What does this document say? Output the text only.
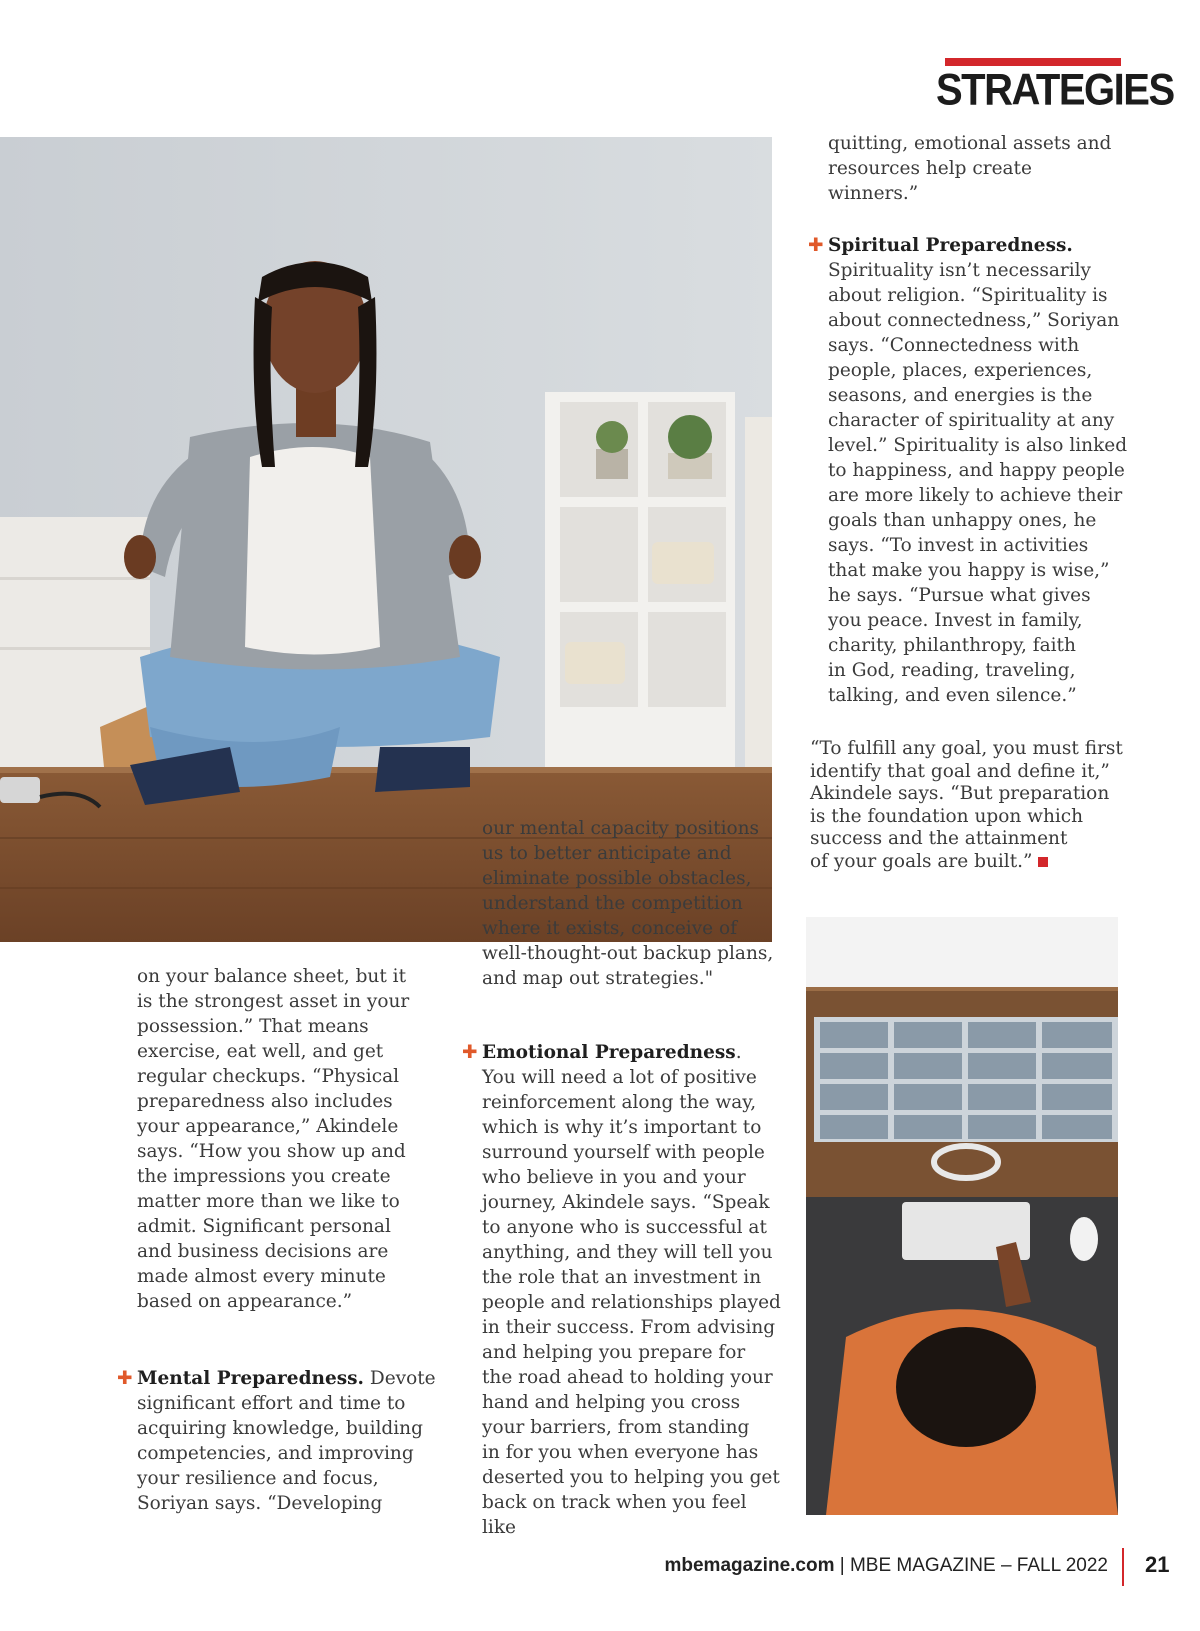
STRATEGIES

quitting, emotional assets and

resources help create winners.”

✚ Spiritual Preparedness.

Spirituality isn’t necessarily

about religion. “Spirituality is

about connectedness,” Soriyan

says. “Connectedness with

people, places, experiences,

seasons, and energies is the

character of spirituality at any

level.” Spirituality is also linked

to happiness, and happy people

are more likely to achieve their

goals than unhappy ones, he

says. “To invest in activities

that make you happy is wise,”

he says. “Pursue what gives

you peace. Invest in family,

charity, philanthropy, faith

in God, reading, traveling,

talking, and even silence.”

“To fulfill any goal, you must first

identify that goal and define it,”

Akindele says. “But preparation

is the foundation upon which

success and the attainment

of your goals are built.”

our mental capacity positions

us to better anticipate and

eliminate possible obstacles,

understand the competition

where it exists, conceive of

well-thought-out backup plans,

and map out strategies."

✚ Emotional Preparedness.

You will need a lot of positive

reinforcement along the way,

which is why it’s important to

surround yourself with people

who believe in you and your

journey, Akindele says. “Speak

to anyone who is successful at

anything, and they will tell you

the role that an investment in

people and relationships played

in their success. From advising

and helping you prepare for

the road ahead to holding your

hand and helping you cross

your barriers, from standing

in for you when everyone has

deserted you to helping you get

back on track when you feel like

on your balance sheet, but it

is the strongest asset in your

possession.” That means

exercise, eat well, and get

regular checkups. “Physical

preparedness also includes

your appearance,” Akindele

says. “How you show up and

the impressions you create

matter more than we like to

admit. Significant personal

and business decisions are

made almost every minute

based on appearance.”

✚ Mental Preparedness. Devote

significant effort and time to

acquiring knowledge, building

competencies, and improving

your resilience and focus,

Soriyan says. “Developing

mbemagazine.com | MBE MAGAZINE – FALL 2022 21
